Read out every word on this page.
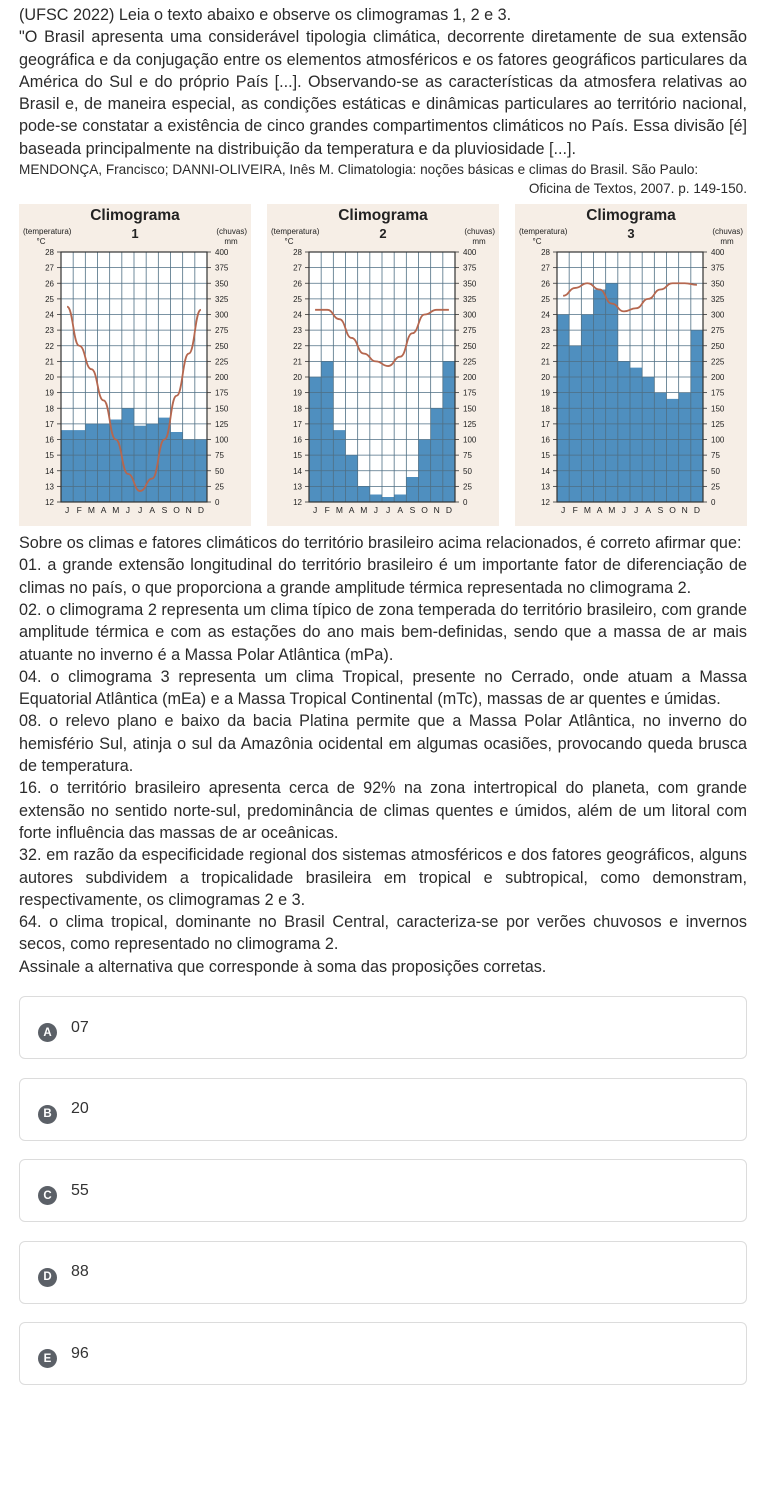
(UFSC 2022) Leia o texto abaixo e observe os climogramas 1, 2 e 3.

"O Brasil apresenta uma considerável tipologia climática, decorrente diretamente de sua extensão geográfica e da conjugação entre os elementos atmosféricos e os fatores geográficos particulares da América do Sul e do próprio País [...]. Observando-se as características da atmosfera relativas ao Brasil e, de maneira especial, as condições estáticas e dinâmicas particulares ao território nacional, pode-se constatar a existência de cinco grandes compartimentos climáticos no País. Essa divisão [é] baseada principalmente na distribuição da temperatura e da pluviosidade [...].

MENDONÇA, Francisco; DANNI-OLIVEIRA, Inês M. Climatologia: noções básicas e climas do Brasil. São Paulo:

Oficina de Textos, 2007. p. 149-150.

28
27
26
25
24
23
22
21
20
19
18
17
16
15
14
13
12
400
375
350
325
300
275
250
225
200
175
150
125
100
75
50
25
0
J F M A M J J A S O N D
Climograma
1
(temperatura)
°C
(chuvas)
mm
28
27
26
25
24
23
22
21
20
19
18
17
16
15
14
13
12
400
375
350
325
300
275
250
225
200
175
150
125
100
75
50
25
0
J F M A M J J A S O N D
Climograma
2
(temperatura)
°C
(chuvas)
mm
28
27
26
25
24
23
22
21
20
19
18
17
16
15
14
13
12
400
375
350
325
300
275
250
225
200
175
150
125
100
75
50
25
0
J F M A M J J A S O N D
Climograma
3
(temperatura)
°C
(chuvas)
mm

Sobre os climas e fatores climáticos do território brasileiro acima relacionados, é correto afirmar que:

01. a grande extensão longitudinal do território brasileiro é um importante fator de diferenciação de climas no país, o que proporciona a grande amplitude térmica representada no climograma 2.

02. o climograma 2 representa um clima típico de zona temperada do território brasileiro, com grande amplitude térmica e com as estações do ano mais bem-definidas, sendo que a massa de ar mais atuante no inverno é a Massa Polar Atlântica (mPa).

04. o climograma 3 representa um clima Tropical, presente no Cerrado, onde atuam a Massa Equatorial Atlântica (mEa) e a Massa Tropical Continental (mTc), massas de ar quentes e úmidas.

08. o relevo plano e baixo da bacia Platina permite que a Massa Polar Atlântica, no inverno do hemisfério Sul, atinja o sul da Amazônia ocidental em algumas ocasiões, provocando queda brusca de temperatura.

16. o território brasileiro apresenta cerca de 92% na zona intertropical do planeta, com grande extensão no sentido norte-sul, predominância de climas quentes e úmidos, além de um litoral com forte influência das massas de ar oceânicas.

32. em razão da especificidade regional dos sistemas atmosféricos e dos fatores geográficos, alguns autores subdividem a tropicalidade brasileira em tropical e subtropical, como demonstram, respectivamente, os climogramas 2 e 3.

64. o clima tropical, dominante no Brasil Central, caracteriza-se por verões chuvosos e invernos secos, como representado no climograma 2.

Assinale a alternativa que corresponde à soma das proposições corretas.

A	07
B	20
C	55
D	88
E	96
